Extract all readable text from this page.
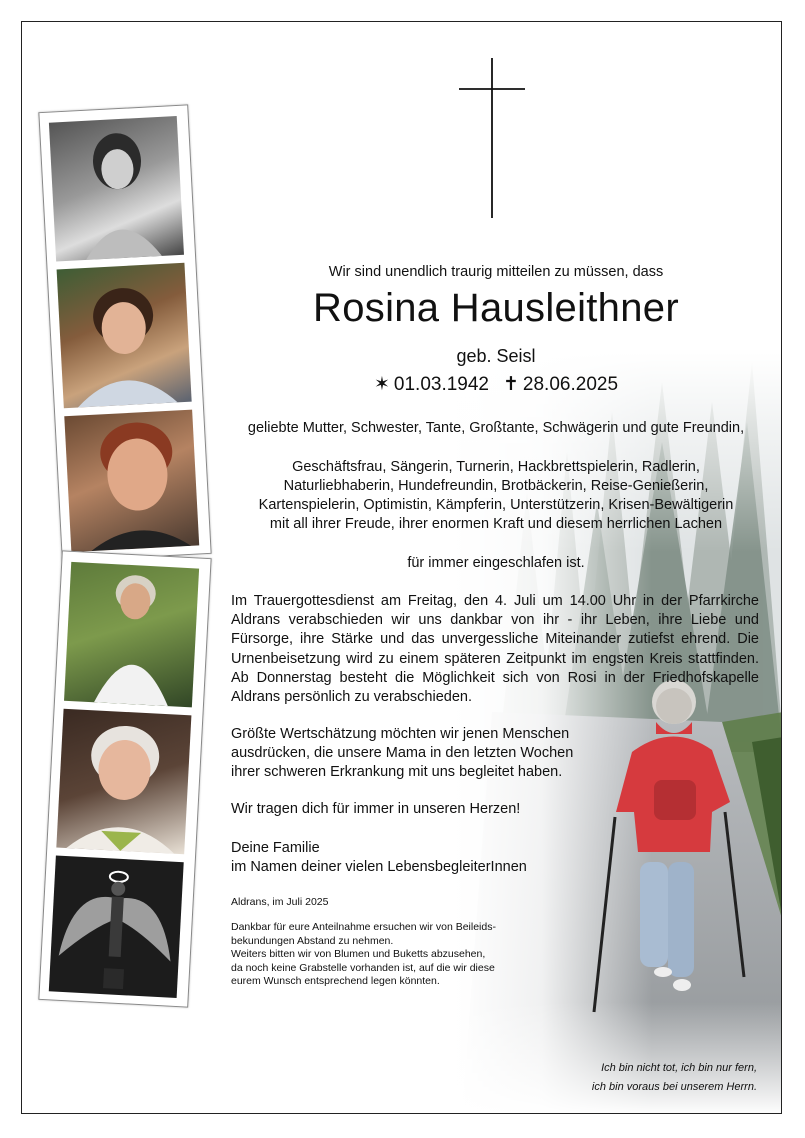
Wir sind unendlich traurig mitteilen zu müssen, dass
Rosina Hausleithner
geb. Seisl
✶ 01.03.1942 ✝ 28.06.2025
geliebte Mutter, Schwester, Tante, Großtante, Schwägerin und gute Freundin,
Geschäftsfrau, Sängerin, Turnerin, Hackbrettspielerin, Radlerin,
Naturliebhaberin, Hundefreundin, Brotbäckerin, Reise-Genießerin,
Kartenspielerin, Optimistin, Kämpferin, Unterstützerin, Krisen-Bewältigerin
mit all ihrer Freude, ihrer enormen Kraft und diesem herrlichen Lachen
für immer eingeschlafen ist.
Im Trauergottesdienst am Freitag, den 4. Juli um 14.00 Uhr in der Pfarrkirche Aldrans verabschieden wir uns dankbar von ihr - ihr Leben, ihre Liebe und Fürsorge, ihre Stärke und das unvergessliche Miteinander zutiefst ehrend. Die Urnenbeisetzung wird zu einem späteren Zeitpunkt im engsten Kreis stattfinden. Ab Donnerstag besteht die Möglichkeit sich von Rosi in der Friedhofskapelle Aldrans persönlich zu verabschieden.
Größte Wertschätzung möchten wir jenen Menschen
ausdrücken, die unsere Mama in den letzten Wochen
ihrer schweren Erkrankung mit uns begleitet haben.
Wir tragen dich für immer in unseren Herzen!
Deine Familie
im Namen deiner vielen LebensbegleiterInnen
Aldrans, im Juli 2025
Dankbar für eure Anteilnahme ersuchen wir von Beileids-
bekundungen Abstand zu nehmen.
Weiters bitten wir von Blumen und Buketts abzusehen,
da noch keine Grabstelle vorhanden ist, auf die wir diese
eurem Wunsch entsprechend legen könnten.
Ich bin nicht tot, ich bin nur fern,
ich bin voraus bei unserem Herrn.
